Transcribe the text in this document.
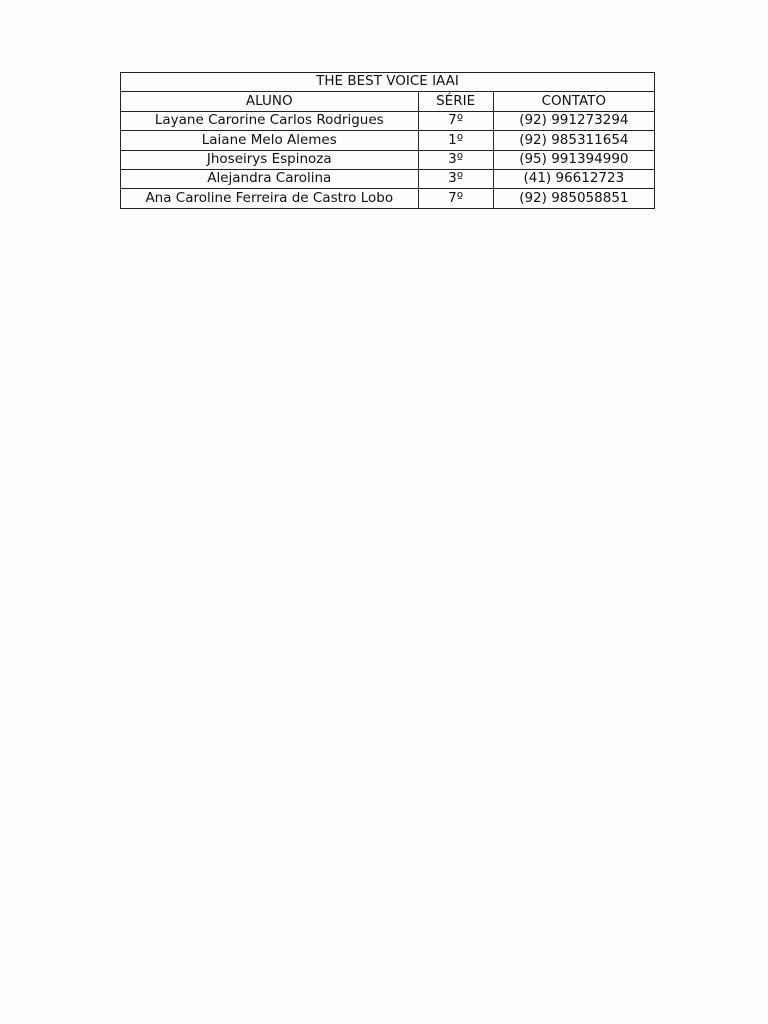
THE BEST VOICE IAAI		
ALUNO	SÉRIE	CONTATO
Layane Carorine Carlos Rodrigues	7º	(92) 991273294
Laiane Melo Alemes	1º	(92) 985311654
Jhoseirys Espinoza	3º	(95) 991394990
Alejandra Carolina	3º	(41) 96612723
Ana Caroline Ferreira de Castro Lobo	7º	(92) 985058851
